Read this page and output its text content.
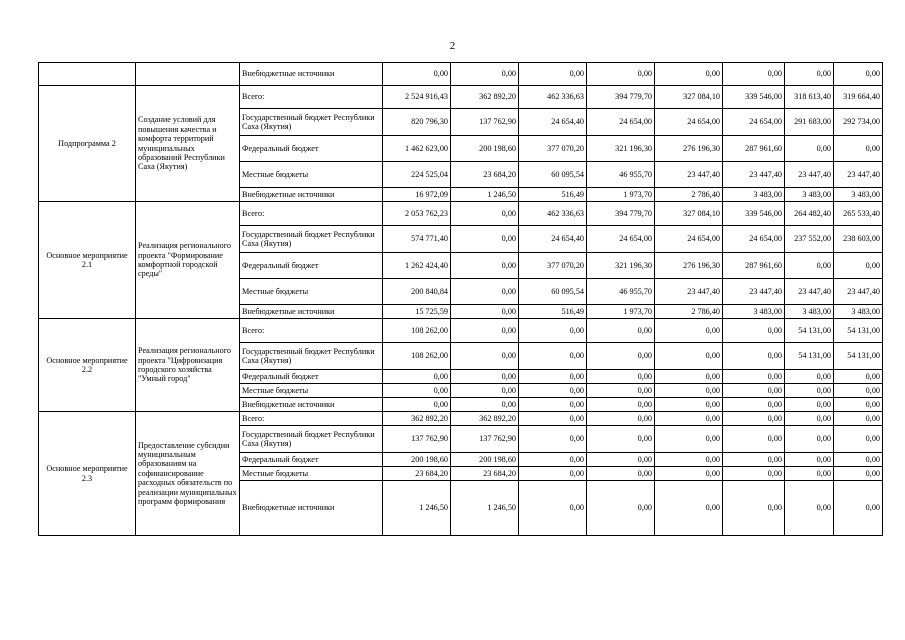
2
		Внебюджетные источники	0,00	0,00	0,00	0,00	0,00	0,00	0,00	0,00
Подпрограмма 2	Создание условий для повышения качества и комфорта территорий муниципальных образований Республики Саха (Якутия)	Всего:	2 524 916,43	362 892,20	462 336,63	394 779,70	327 084,10	339 546,00	318 613,40	319 664,40
		Государственный бюджет Республики Саха (Якутия)	820 796,30	137 762,90	24 654,40	24 654,00	24 654,00	24 654,00	291 683,00	292 734,00
		Федеральный бюджет	1 462 623,00	200 198,60	377 070,20	321 196,30	276 196,30	287 961,60	0,00	0,00
		Местные бюджеты	224 525,04	23 684,20	60 095,54	46 955,70	23 447,40	23 447,40	23 447,40	23 447,40
		Внебюджетные источники	16 972,09	1 246,50	516,49	1 973,70	2 786,40	3 483,00	3 483,00	3 483,00
Основное мероприятие 2.1	Реализация регионального проекта "Формирование комфортной городской среды"	Всего:	2 053 762,23	0,00	462 336,63	394 779,70	327 084,10	339 546,00	264 482,40	265 533,40
		Государственный бюджет Республики Саха (Якутия)	574 771,40	0,00	24 654,40	24 654,00	24 654,00	24 654,00	237 552,00	238 603,00
		Федеральный бюджет	1 262 424,40	0,00	377 070,20	321 196,30	276 196,30	287 961,60	0,00	0,00
		Местные бюджеты	200 840,84	0,00	60 095,54	46 955,70	23 447,40	23 447,40	23 447,40	23 447,40
		Внебюджетные источники	15 725,59	0,00	516,49	1 973,70	2 786,40	3 483,00	3 483,00	3 483,00
Основное мероприятие 2.2	Реализация регионального проекта "Цифровизация городского хозяйства "Умный город"	Всего:	108 262,00	0,00	0,00	0,00	0,00	0,00	54 131,00	54 131,00
		Государственный бюджет Республики Саха (Якутия)	108 262,00	0,00	0,00	0,00	0,00	0,00	54 131,00	54 131,00
		Федеральный бюджет	0,00	0,00	0,00	0,00	0,00	0,00	0,00	0,00
		Местные бюджеты	0,00	0,00	0,00	0,00	0,00	0,00	0,00	0,00
		Внебюджетные источники	0,00	0,00	0,00	0,00	0,00	0,00	0,00	0,00
Основное мероприятие 2.3	Предоставление субсидии муниципальным образованиям на софинансирование расходных обязательств по реализации муниципальных программ формирования	Всего:	362 892,20	362 892,20	0,00	0,00	0,00	0,00	0,00	0,00
		Государственный бюджет Республики Саха (Якутия)	137 762,90	137 762,90	0,00	0,00	0,00	0,00	0,00	0,00
		Федеральный бюджет	200 198,60	200 198,60	0,00	0,00	0,00	0,00	0,00	0,00
		Местные бюджеты	23 684,20	23 684,20	0,00	0,00	0,00	0,00	0,00	0,00
		Внебюджетные источники	1 246,50	1 246,50	0,00	0,00	0,00	0,00	0,00	0,00
